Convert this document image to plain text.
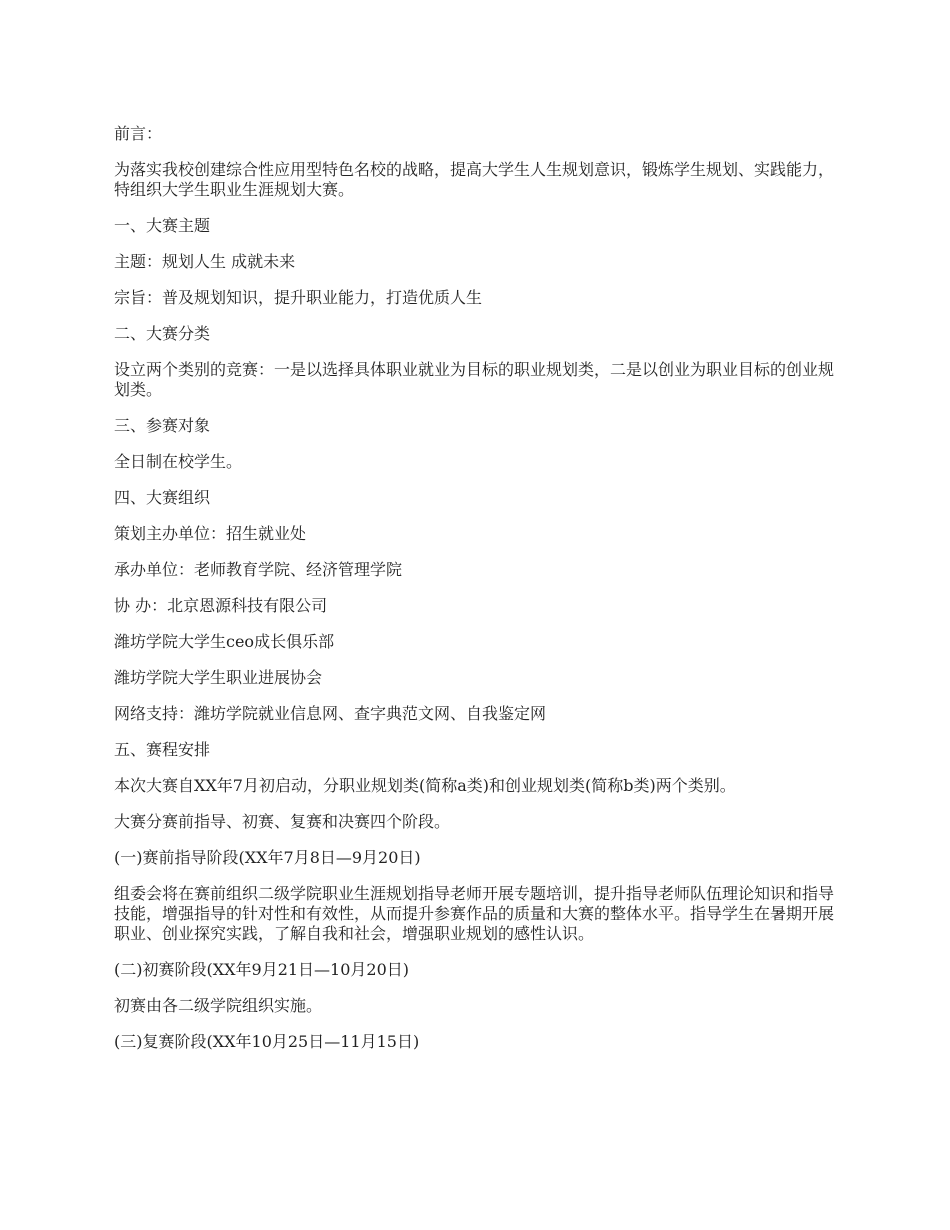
前言：

为落实我校创建综合性应用型特色名校的战略，提高大学生人生规划意识，锻炼学生规划、实践能力，特组织大学生职业生涯规划大赛。

一、大赛主题

主题：规划人生 成就未来

宗旨：普及规划知识，提升职业能力，打造优质人生

二、大赛分类

设立两个类别的竞赛：一是以选择具体职业就业为目标的职业规划类，二是以创业为职业目标的创业规划类。

三、参赛对象

全日制在校学生。

四、大赛组织

策划主办单位：招生就业处

承办单位：老师教育学院、经济管理学院

协 办：北京恩源科技有限公司

潍坊学院大学生ceo成长俱乐部

潍坊学院大学生职业进展协会

网络支持：潍坊学院就业信息网、查字典范文网、自我鉴定网

五、赛程安排

本次大赛自XX年7月初启动，分职业规划类(简称a类)和创业规划类(简称b类)两个类别。

大赛分赛前指导、初赛、复赛和决赛四个阶段。

(一)赛前指导阶段(XX年7月8日—9月20日)

组委会将在赛前组织二级学院职业生涯规划指导老师开展专题培训，提升指导老师队伍理论知识和指导技能，增强指导的针对性和有效性，从而提升参赛作品的质量和大赛的整体水平。指导学生在暑期开展职业、创业探究实践，了解自我和社会，增强职业规划的感性认识。

(二)初赛阶段(XX年9月21日—10月20日)

初赛由各二级学院组织实施。

(三)复赛阶段(XX年10月25日—11月15日)
